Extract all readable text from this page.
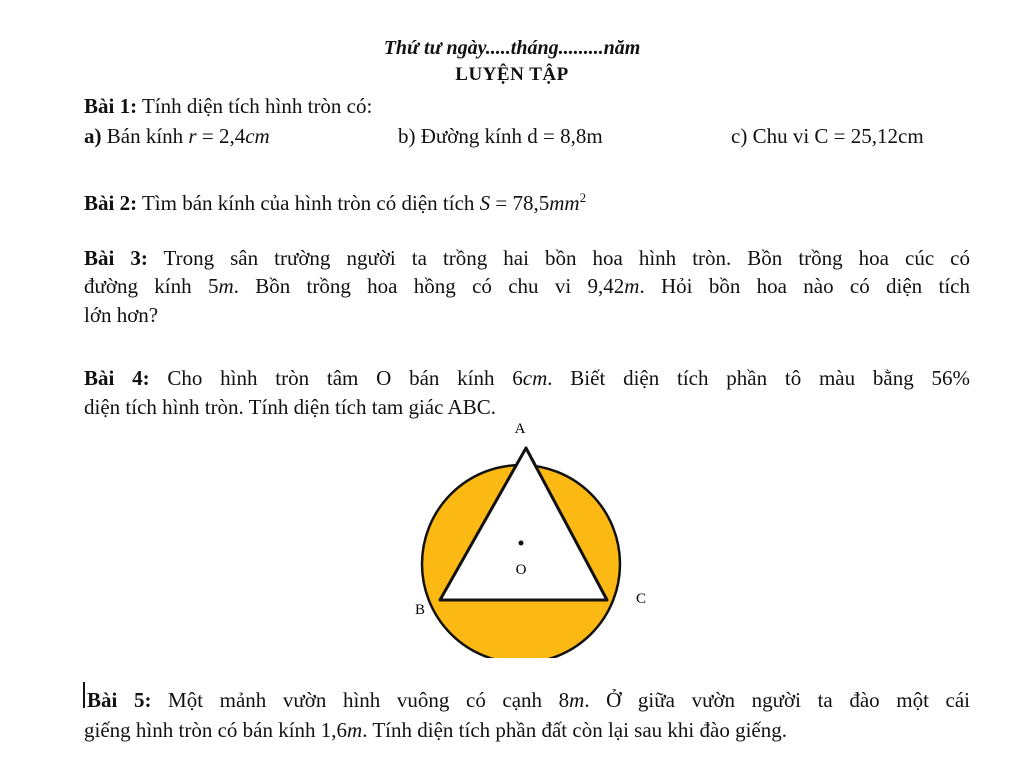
Thứ tư ngày.....tháng.........năm
LUYỆN TẬP
Bài 1: Tính diện tích hình tròn có:
a) Bán kính r = 2,4cm	b) Đường kính d = 8,8m	c) Chu vi C = 25,12cm
Bài 2: Tìm bán kính của hình tròn có diện tích $S = 78,5mm^2$
Bài 3: Trong sân trường người ta trồng hai bồn hoa hình tròn. Bồn trồng hoa cúc có
đường kính 5m. Bồn trồng hoa hồng có chu vi 9,42m. Hỏi bồn hoa nào có diện tích
lớn hơn?
Bài 4: Cho hình tròn tâm O bán kính 6cm. Biết diện tích phần tô màu bằng 56%
diện tích hình tròn. Tính diện tích tam giác ABC.
A
B
C
O
Bài 5: Một mảnh vườn hình vuông có cạnh 8m. Ở giữa vườn người ta đào một cái
giếng hình tròn có bán kính 1,6m. Tính diện tích phần đất còn lại sau khi đào giếng.
